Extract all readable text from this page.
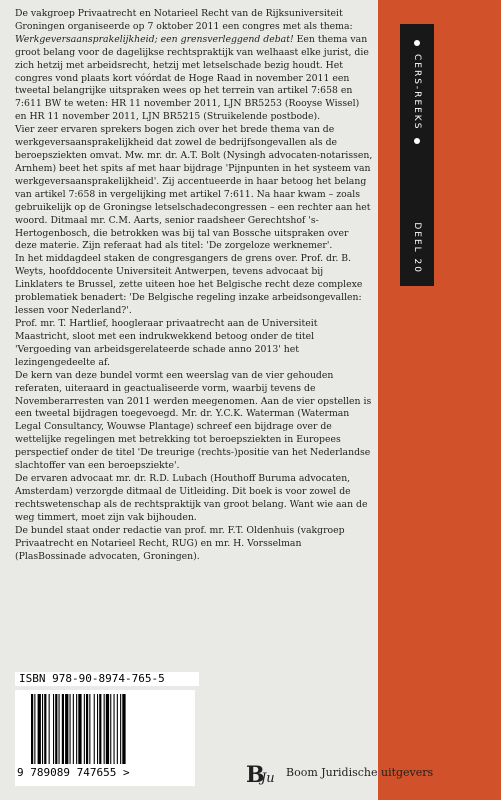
CERS-REEKS
DEEL 20

De vakgroep Privaatrecht en Notarieel Recht van de Rijksuniversiteit Groningen organiseerde op 7 oktober 2011 een congres met als thema: Werkgeversaansprakelijkheid; een grensverleggend debat! Een thema van groot belang voor de dagelijkse rechtspraktijk van welhaast elke jurist, die zich hetzij met arbeidsrecht, hetzij met letselschade bezig houdt. Het congres vond plaats kort vóórdat de Hoge Raad in november 2011 een tweetal belangrijke uitspraken wees op het terrein van artikel 7:658 en 7:611 BW te weten: HR 11 november 2011, LJN BR5253 (Rooyse Wissel) en HR 11 november 2011, LJN BR5215 (Struikelende postbode).

Vier zeer ervaren sprekers bogen zich over het brede thema van de werkgeversaansprakelijkheid dat zowel de bedrijfsongevallen als de beroepsziekten omvat. Mw. mr. dr. A.T. Bolt (Nysingh advocaten-notarissen, Arnhem) beet het spits af met haar bijdrage 'Pijnpunten in het systeem van werkgeversaansprakelijkheid'. Zij accentueerde in haar betoog het belang van artikel 7:658 in vergelijking met artikel 7:611. Na haar kwam – zoals gebruikelijk op de Groningse letselschadecongressen – een rechter aan het woord. Ditmaal mr. C.M. Aarts, senior raadsheer Gerechtshof 's-Hertogenbosch, die betrokken was bij tal van Bossche uitspraken over deze materie. Zijn referaat had als titel: 'De zorgeloze werknemer'.

In het middagdeel staken de congresgangers de grens over. Prof. dr. B. Weyts, hoofddocente Universiteit Antwerpen, tevens advocaat bij Linklaters te Brussel, zette uiteen hoe het Belgische recht deze complexe problematiek benadert: 'De Belgische regeling inzake arbeidsongevallen: lessen voor Nederland?'.

Prof. mr. T. Hartlief, hoogleraar privaatrecht aan de Universiteit Maastricht, sloot met een indrukwekkend betoog onder de titel 'Vergoeding van arbeidsgerelateerde schade anno 2013' het lezingengedeelte af.

De kern van deze bundel vormt een weerslag van de vier gehouden referaten, uiteraard in geactualiseerde vorm, waarbij tevens de Novemberarresten van 2011 werden meegenomen. Aan de vier opstellen is een tweetal bijdragen toegevoegd. Mr. dr. Y.C.K. Waterman (Waterman Legal Consultancy, Wouwse Plantage) schreef een bijdrage over de wettelijke regelingen met betrekking tot beroepsziekten in Europees perspectief onder de titel 'De treurige (rechts-)positie van het Nederlandse slachtoffer van een beroepsziekte'.

De ervaren advocaat mr. dr. R.D. Lubach (Houthoff Buruma advocaten, Amsterdam) verzorgde ditmaal de Uitleiding. Dit boek is voor zowel de rechtswetenschap als de rechtspraktijk van groot belang. Want wie aan de weg timmert, moet zijn vak bijhouden.

De bundel staat onder redactie van prof. mr. F.T. Oldenhuis (vakgroep Privaatrecht en Notarieel Recht, RUG) en mr. H. Vorsselman (PlasBossinade advocaten, Groningen).

ISBN 978-90-8974-765-5
9 789089 747655 >	B
Ju Boom Juridische uitgevers
